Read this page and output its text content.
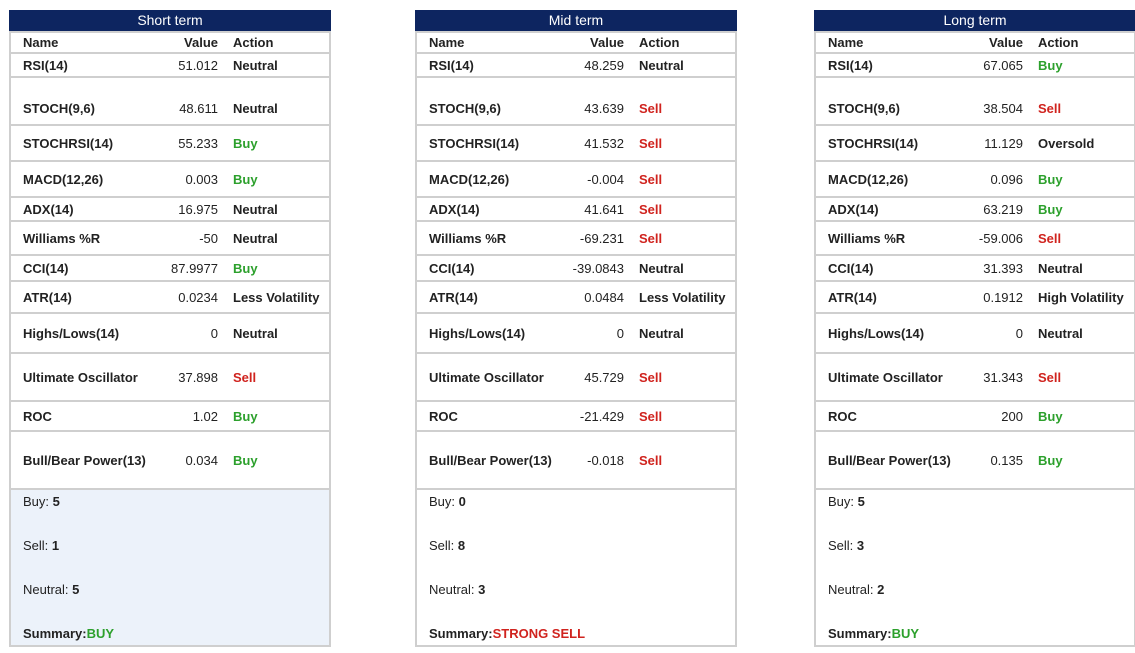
Short term
Name	Value Action
RSI(14)	51.012 Neutral
STOCH(9,6)	48.611 Neutral
STOCHRSI(14)	55.233 Buy
MACD(12,26)	0.003 Buy
ADX(14)	16.975 Neutral
Williams %R	-50 Neutral
CCI(14)	87.9977 Buy
ATR(14)	0.0234 Less Volatility
Highs/Lows(14)	0 Neutral
Ultimate Oscillator	37.898 Sell
ROC	1.02 Buy
Bull/Bear Power(13)	0.034 Buy
Buy: 5
Sell: 1
Neutral: 5
Summary:BUY
Mid term
Name	Value Action
RSI(14)	48.259 Neutral
STOCH(9,6)	43.639 Sell
STOCHRSI(14)	41.532 Sell
MACD(12,26)	-0.004 Sell
ADX(14)	41.641 Sell
Williams %R	-69.231 Sell
CCI(14)	-39.0843 Neutral
ATR(14)	0.0484 Less Volatility
Highs/Lows(14)	0 Neutral
Ultimate Oscillator	45.729 Sell
ROC	-21.429 Sell
Bull/Bear Power(13)	-0.018 Sell
Buy: 0
Sell: 8
Neutral: 3
Summary:STRONG SELL
Long term
Name	Value Action
RSI(14)	67.065 Buy
STOCH(9,6)	38.504 Sell
STOCHRSI(14)	11.129 Oversold
MACD(12,26)	0.096 Buy
ADX(14)	63.219 Buy
Williams %R	-59.006 Sell
CCI(14)	31.393 Neutral
ATR(14)	0.1912 High Volatility
Highs/Lows(14)	0 Neutral
Ultimate Oscillator	31.343 Sell
ROC	200 Buy
Bull/Bear Power(13)	0.135 Buy
Buy: 5
Sell: 3
Neutral: 2
Summary:BUY
